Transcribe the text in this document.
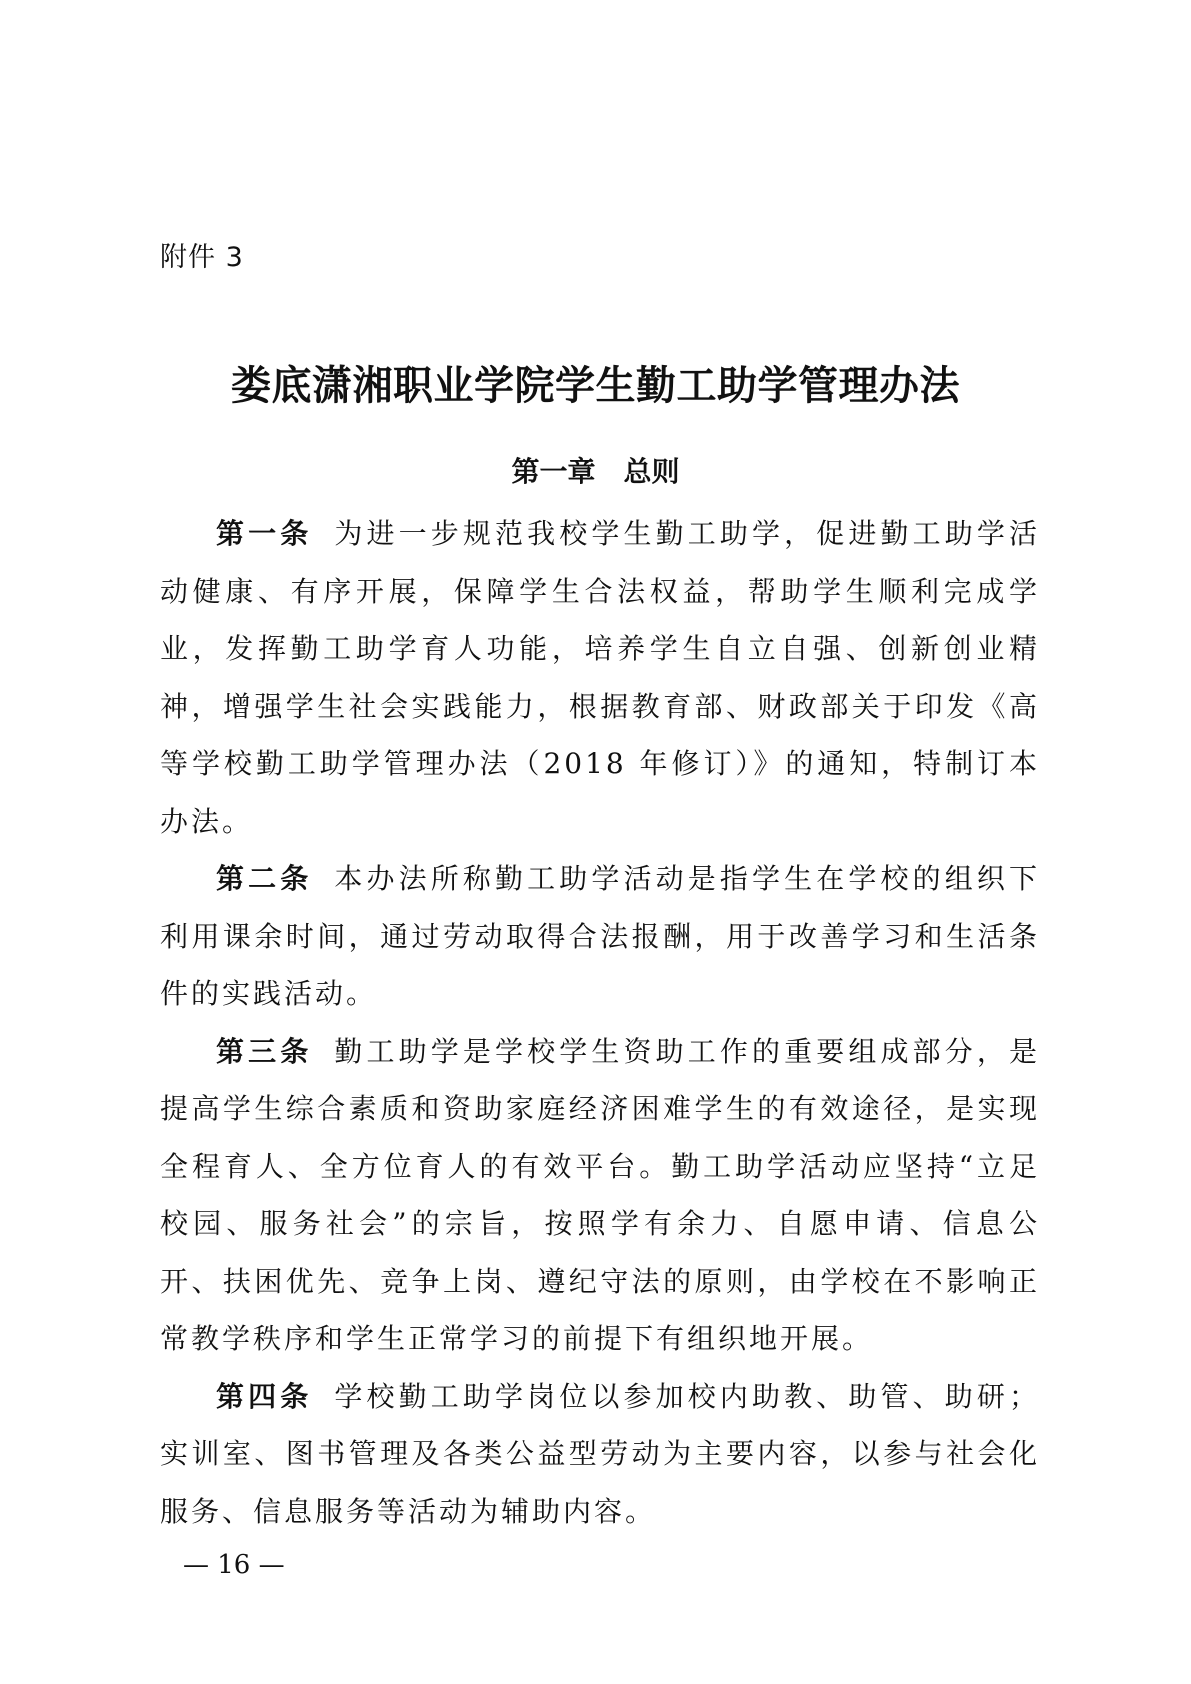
附件 3
娄底潇湘职业学院学生勤工助学管理办法
第一章　总则

第一条 为进一步规范我校学生勤工助学，促进勤工助学活动健康、有序开展，保障学生合法权益，帮助学生顺利完成学业，发挥勤工助学育人功能，培养学生自立自强、创新创业精神，增强学生社会实践能力，根据教育部、财政部关于印发《高等学校勤工助学管理办法（2018 年修订）》的通知，特制订本办法。

第二条 本办法所称勤工助学活动是指学生在学校的组织下利用课余时间，通过劳动取得合法报酬，用于改善学习和生活条件的实践活动。

第三条 勤工助学是学校学生资助工作的重要组成部分，是提高学生综合素质和资助家庭经济困难学生的有效途径，是实现全程育人、全方位育人的有效平台。勤工助学活动应坚持“立足校园、服务社会”的宗旨，按照学有余力、自愿申请、信息公开、扶困优先、竞争上岗、遵纪守法的原则，由学校在不影响正常教学秩序和学生正常学习的前提下有组织地开展。

第四条 学校勤工助学岗位以参加校内助教、助管、助研；实训室、图书管理及各类公益型劳动为主要内容，以参与社会化服务、信息服务等活动为辅助内容。

— 16 —
